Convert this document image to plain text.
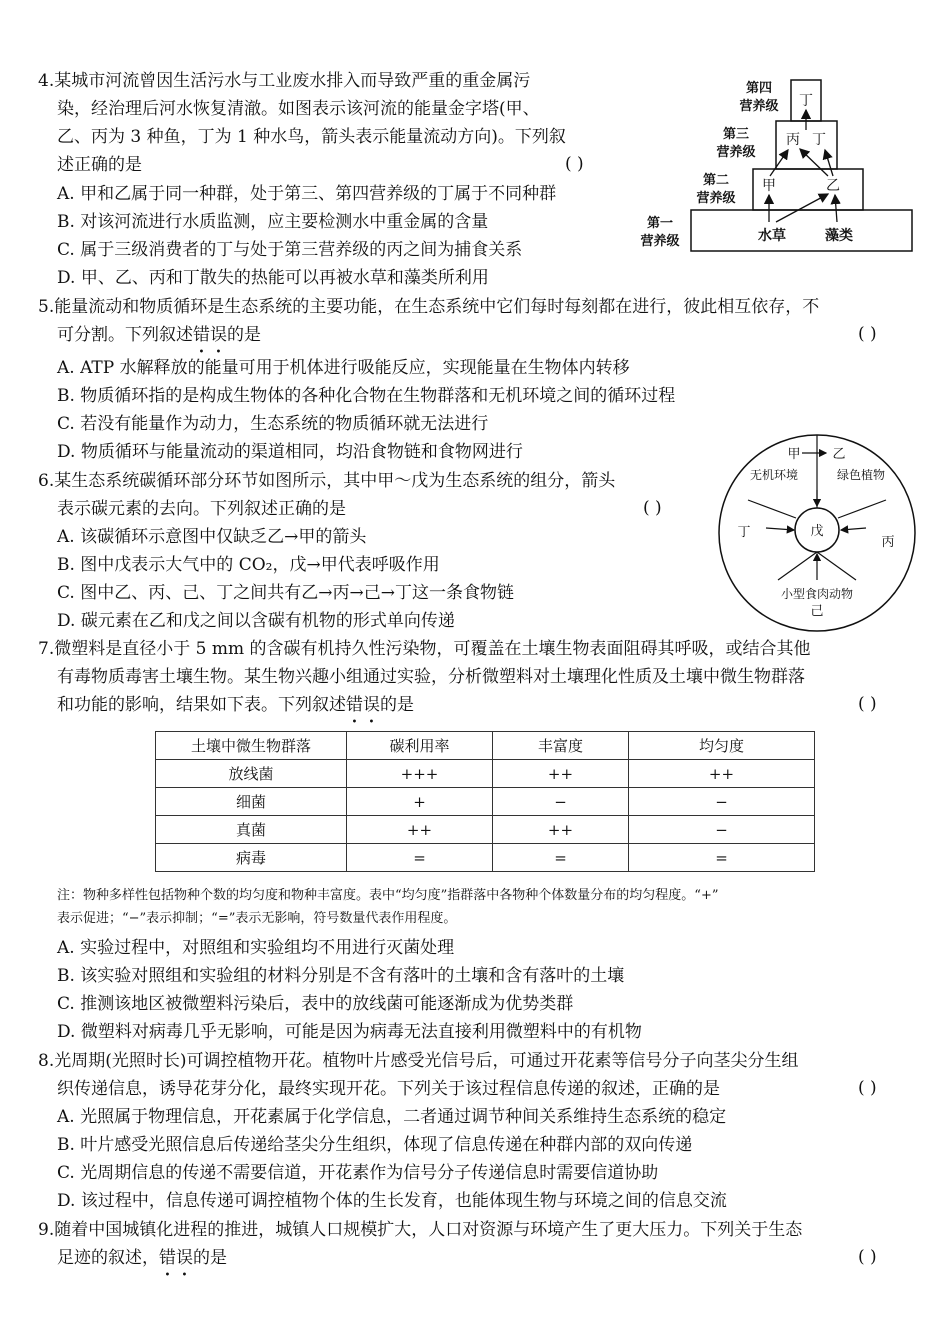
4.某城市河流曾因生活污水与工业废水排入而导致严重的重金属污
染，经治理后河水恢复清澈。如图表示该河流的能量金字塔(甲、
乙、丙为 3 种鱼，丁为 1 种水鸟，箭头表示能量流动方向)。下列叙
述正确的是	( )
A. 甲和乙属于同一种群，处于第三、第四营养级的丁属于不同种群
B. 对该河流进行水质监测，应主要检测水中重金属的含量
C. 属于三级消费者的丁与处于第三营养级的丙之间为捕食关系
D. 甲、乙、丙和丁散失的热能可以再被水草和藻类所利用
第四
营养级
第三
营养级
第二
营养级
第一
营养级
丁
丙 丁
甲	乙
水草	藻类
5.能量流动和物质循环是生态系统的主要功能，在生态系统中它们每时每刻都在进行，彼此相互依存，不
可分割。下列叙述错误的是	( )
A. ATP 水解释放的能量可用于机体进行吸能反应，实现能量在生物体内转移
B. 物质循环指的是构成生物体的各种化合物在生物群落和无机环境之间的循环过程
C. 若没有能量作为动力，生态系统的物质循环就无法进行
D. 物质循环与能量流动的渠道相同，均沿食物链和食物网进行
6.某生态系统碳循环部分环节如图所示，其中甲～戊为生态系统的组分，箭头
表示碳元素的去向。下列叙述正确的是	( )
A. 该碳循环示意图中仅缺乏乙→甲的箭头
B. 图中戊表示大气中的 CO₂，戊→甲代表呼吸作用
C. 图中乙、丙、己、丁之间共有乙→丙→己→丁这一条食物链
D. 碳元素在乙和戊之间以含碳有机物的形式单向传递
甲 乙
无机环境	绿色植物
戊
丁
丙
小型食肉动物
己
7.微塑料是直径小于 5 mm 的含碳有机持久性污染物，可覆盖在土壤生物表面阻碍其呼吸，或结合其他
有毒物质毒害土壤生物。某生物兴趣小组通过实验，分析微塑料对土壤理化性质及土壤中微生物群落
和功能的影响，结果如下表。下列叙述错误的是	( )
土壤中微生物群落	碳利用率	丰富度	均匀度
放线菌	+++	++	++
细菌	+	−	−
真菌	++	++	−
病毒	=	=	=
注：物种多样性包括物种个数的均匀度和物种丰富度。表中“均匀度”指群落中各物种个体数量分布的均匀程度。“+”
表示促进；“−”表示抑制；“=”表示无影响，符号数量代表作用程度。
A. 实验过程中，对照组和实验组均不用进行灭菌处理
B. 该实验对照组和实验组的材料分别是不含有落叶的土壤和含有落叶的土壤
C. 推测该地区被微塑料污染后，表中的放线菌可能逐渐成为优势类群
D. 微塑料对病毒几乎无影响，可能是因为病毒无法直接利用微塑料中的有机物
8.光周期(光照时长)可调控植物开花。植物叶片感受光信号后，可通过开花素等信号分子向茎尖分生组
织传递信息，诱导花芽分化，最终实现开花。下列关于该过程信息传递的叙述，正确的是	( )
A. 光照属于物理信息，开花素属于化学信息，二者通过调节种间关系维持生态系统的稳定
B. 叶片感受光照信息后传递给茎尖分生组织，体现了信息传递在种群内部的双向传递
C. 光周期信息的传递不需要信道，开花素作为信号分子传递信息时需要信道协助
D. 该过程中，信息传递可调控植物个体的生长发育，也能体现生物与环境之间的信息交流
9.随着中国城镇化进程的推进，城镇人口规模扩大，人口对资源与环境产生了更大压力。下列关于生态
足迹的叙述，错误的是	( )
